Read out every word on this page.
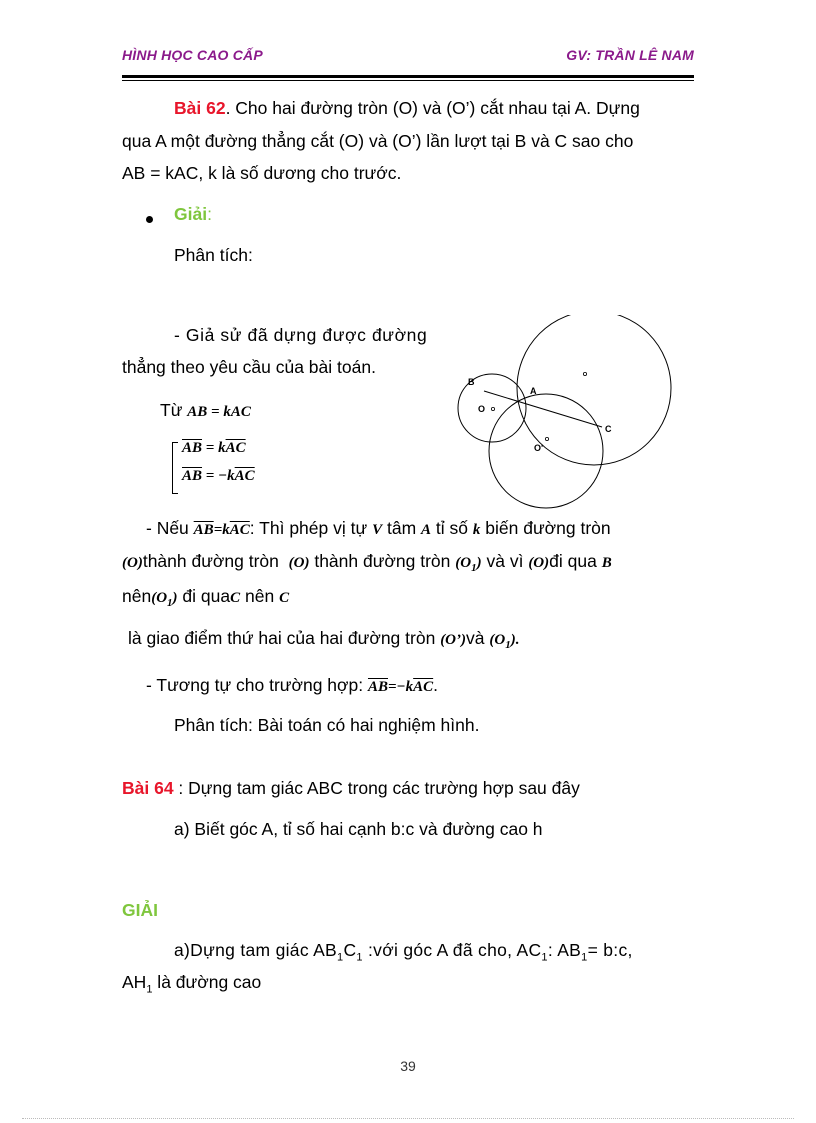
HÌNH HỌC CAO CẤP	GV: TRẦN LÊ NAM
Bài 62. Cho hai đường tròn (O) và (O’) cắt nhau tại A. Dựng
qua A một đường thẳng cắt (O) và (O’) lần lượt tại B và C sao cho
AB = kAC, k là số dương cho trước.
Giải:
Phân tích:
- Giả sử đã dựng được đường
thẳng theo yêu cầu của bài toán.
Từ AB = kAC
$\overline{AB} = k\overline{AC}$
$\overline{AB} = -k\overline{AC}$
B
A
C
O
O'
- Nếu $\overline{AB}=k\overline{AC}$: Thì phép vị tự V tâm A tỉ số k biến đường tròn
(O)thành đường tròn (O) thành đường tròn $(O_1)$ và vì (O)đi qua B
$nên(O_1)$ đi quaC nên C
là giao điểm thứ hai của hai đường tròn (O’)và $(O_1)$.
- Tương tự cho trường hợp: $\overline{AB}=-k\overline{AC}$.
Phân tích: Bài toán có hai nghiệm hình.
Bài 64 : Dựng tam giác ABC trong các trường hợp sau đây
a) Biết góc A, tỉ số hai cạnh b:c và đường cao h
GIẢI
a)Dựng tam giác $AB_1C_1$ :với góc A đã cho, $AC_1$: $AB_1=$ b:c,
$AH_1$ là đường cao
39
